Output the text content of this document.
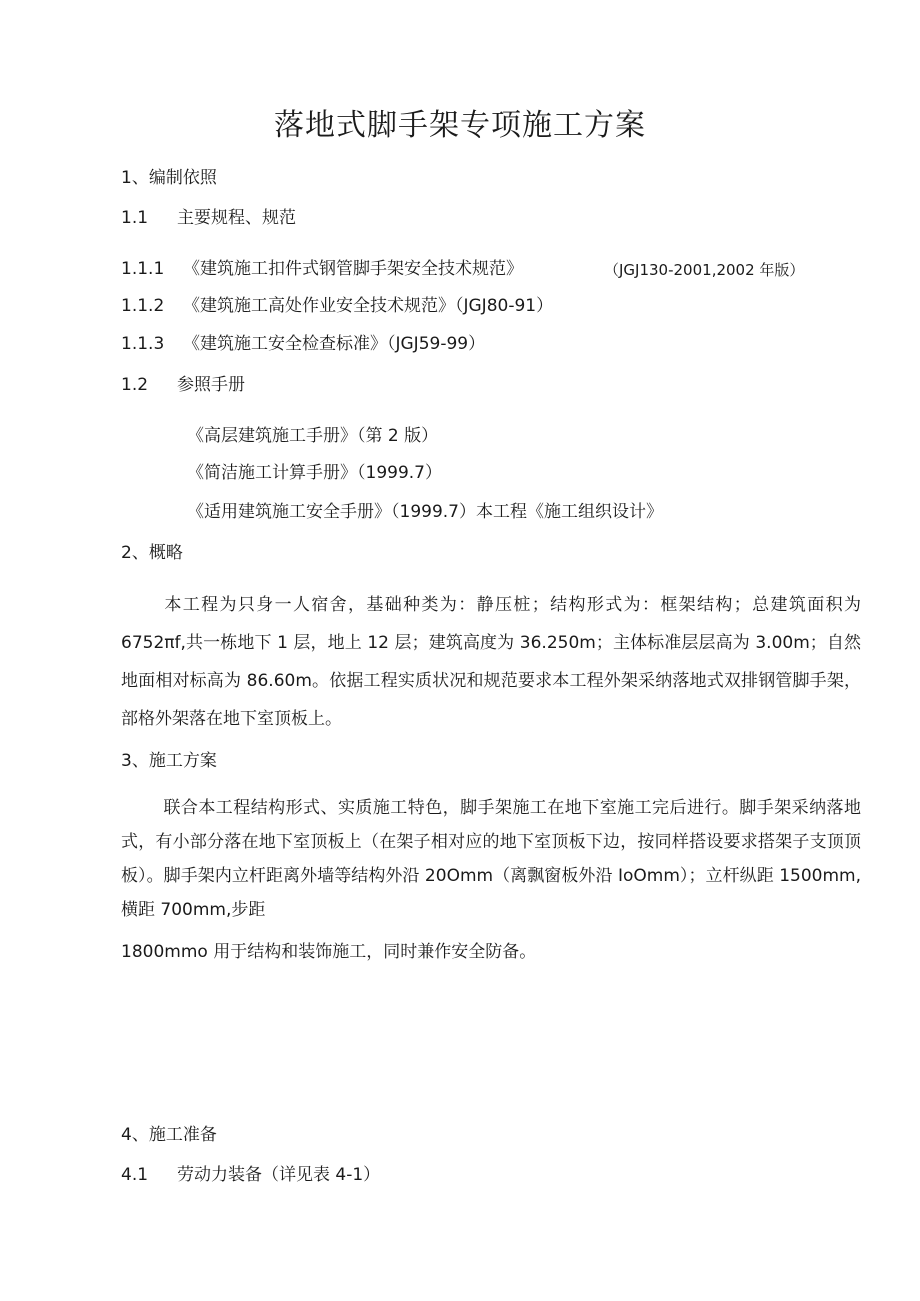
落地式脚手架专项施工方案
1、编制依照
1.1 主要规程、规范
1.1.1 《建筑施工扣件式钢管脚手架安全技术规范》	（JGJ130-2001,2002 年版）
1.1.2 《建筑施工高处作业安全技术规范》（JGJ80-91）
1.1.3 《建筑施工安全检查标准》（JGJ59-99）
1.2 参照手册
《高层建筑施工手册》（第 2 版）
《简洁施工计算手册》（1999.7）
《适用建筑施工安全手册》（1999.7）本工程《施工组织设计》
2、概略
本工程为只身一人宿舍，基础种类为：静压桩；结构形式为：框架结构；总建筑面积为 6752πf,共一栋地下 1 层，地上 12 层；建筑高度为 36.250m；主体标准层层高为 3.00m；自然地面相对标高为 86.60m。依据工程实质状况和规范要求本工程外架采纳落地式双排钢管脚手架，部格外架落在地下室顶板上。
3、施工方案
联合本工程结构形式、实质施工特色，脚手架施工在地下室施工完后进行。脚手架采纳落地式，有小部分落在地下室顶板上（在架子相对应的地下室顶板下边，按同样搭设要求搭架子支顶顶板）。脚手架内立杆距离外墙等结构外沿 20Omm（离飘窗板外沿 IoOmm）；立杆纵距 1500mm,横距 700mm,步距
1800mmo 用于结构和装饰施工，同时兼作安全防备。
4、施工准备
4.1 劳动力装备（详见表 4-1）
